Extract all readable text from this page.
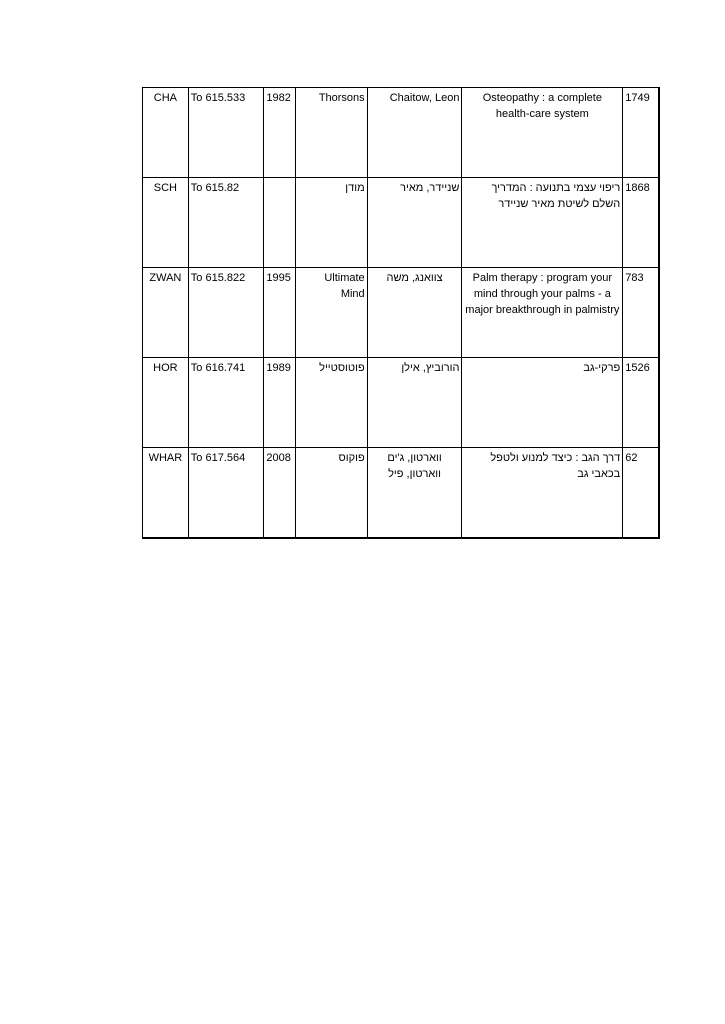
CHA	To 615.533	1982	Thorsons	Chaitow, Leon	Osteopathy : a complete health-care system	1749
SCH	To 615.82		מודן	שניידר, מאיר	ריפוי עצמי בתנועה : המדריך השלם לשיטת מאיר שניידר	1868
ZWAN	To 615.822	1995	Ultimate Mind	צוואנג, משה	Palm therapy : program your mind through your palms - a major breakthrough in palmistry	783
HOR	To 616.741	1989	פוטוסטייל	הורוביץ, אילן	פרקי-גב	1526
WHAR	To 617.564	2008	פוקוס	ווארטון, ג'ים ווארטון, פיל	דרך הגב : כיצד למנוע ולטפל בכאבי גב	62
